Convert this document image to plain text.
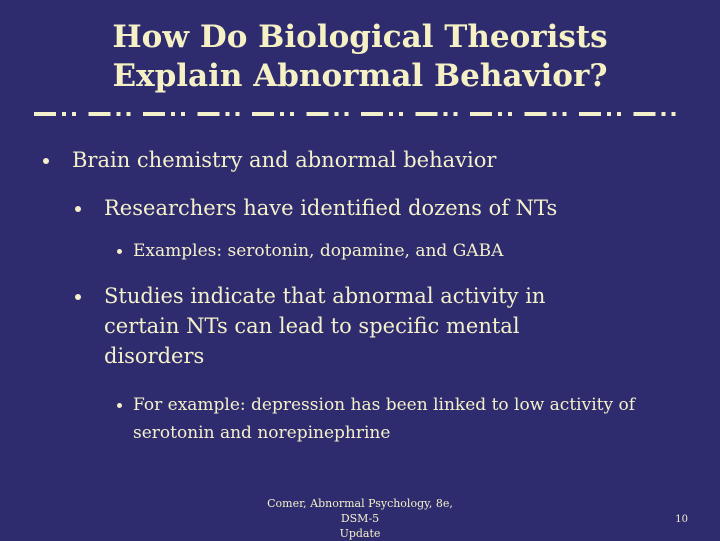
How Do Biological Theorists
Explain Abnormal Behavior?
Brain chemistry and abnormal behavior
Researchers have identified dozens of NTs
Examples: serotonin, dopamine, and GABA
Studies indicate that abnormal activity in certain NTs can lead to specific mental disorders
For example: depression has been linked to low activity of serotonin and norepinephrine
Comer, Abnormal Psychology, 8e, DSM-5
Update
10
